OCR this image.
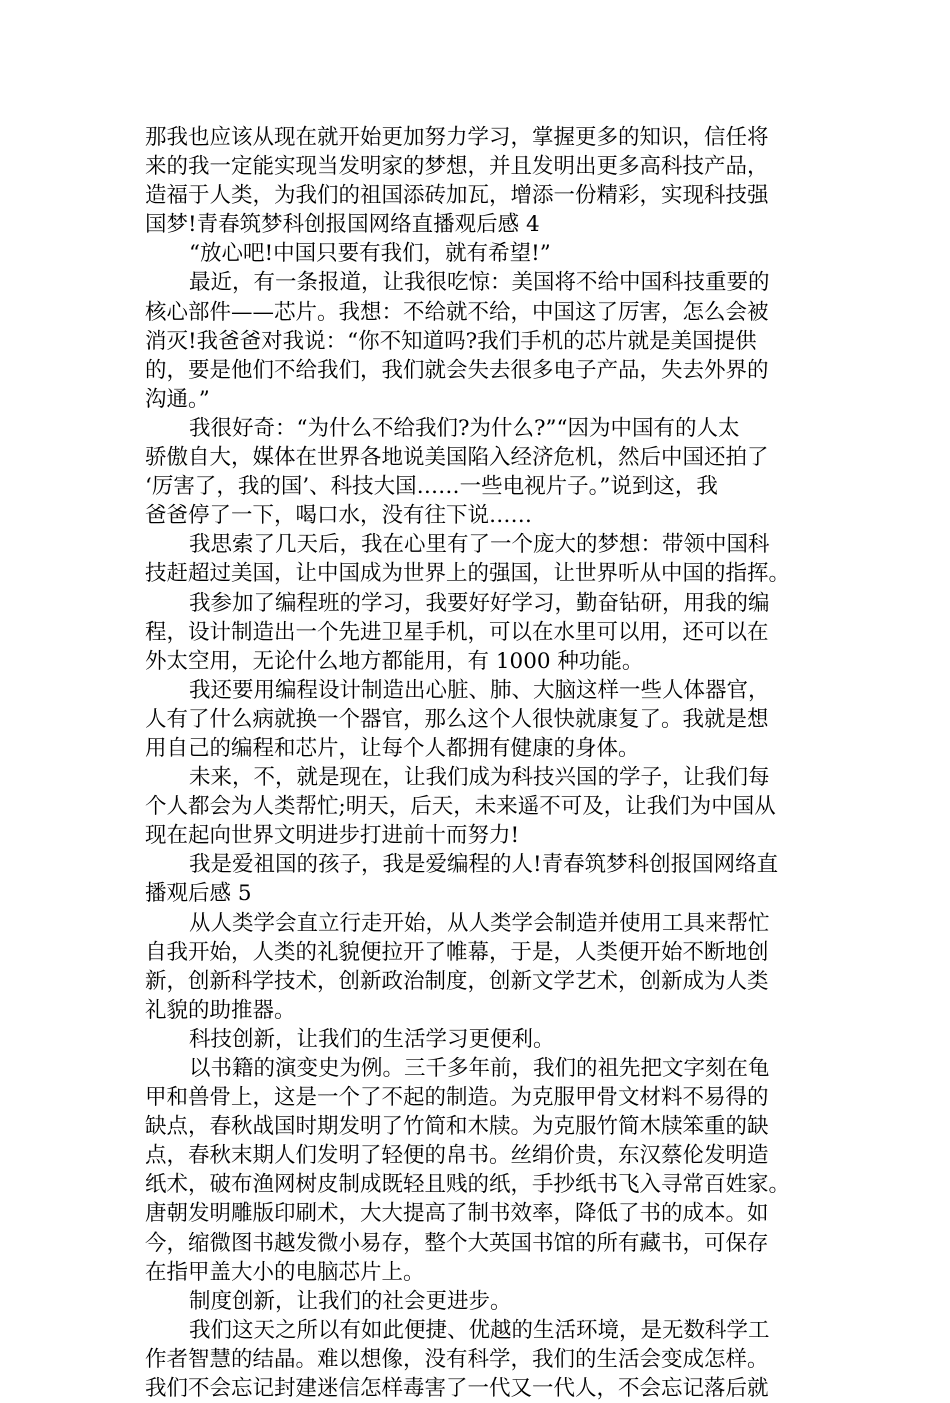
那我也应该从现在就开始更加努力学习，掌握更多的知识，信任将
来的我一定能实现当发明家的梦想，并且发明出更多高科技产品，
造福于人类，为我们的祖国添砖加瓦，增添一份精彩，实现科技强
国梦!青春筑梦科创报国网络直播观后感 4
“放心吧!中国只要有我们，就有希望!”
最近，有一条报道，让我很吃惊：美国将不给中国科技重要的
核心部件——芯片。我想：不给就不给，中国这了厉害，怎么会被
消灭!我爸爸对我说：“你不知道吗?我们手机的芯片就是美国提供
的，要是他们不给我们，我们就会失去很多电子产品，失去外界的
沟通。”
我很好奇：“为什么不给我们?为什么?”“因为中国有的人太
骄傲自大，媒体在世界各地说美国陷入经济危机，然后中国还拍了
‘厉害了，我的国’、科技大国……一些电视片子。”说到这，我
爸爸停了一下，喝口水，没有往下说……
我思索了几天后，我在心里有了一个庞大的梦想：带领中国科
技赶超过美国，让中国成为世界上的强国，让世界听从中国的指挥。
我参加了编程班的学习，我要好好学习，勤奋钻研，用我的编
程，设计制造出一个先进卫星手机，可以在水里可以用，还可以在
外太空用，无论什么地方都能用，有 1000 种功能。
我还要用编程设计制造出心脏、肺、大脑这样一些人体器官，
人有了什么病就换一个器官，那么这个人很快就康复了。我就是想
用自己的编程和芯片，让每个人都拥有健康的身体。
未来，不，就是现在，让我们成为科技兴国的学子，让我们每
个人都会为人类帮忙;明天，后天，未来遥不可及，让我们为中国从
现在起向世界文明进步打进前十而努力!
我是爱祖国的孩子，我是爱编程的人!青春筑梦科创报国网络直
播观后感 5
从人类学会直立行走开始，从人类学会制造并使用工具来帮忙
自我开始，人类的礼貌便拉开了帷幕，于是，人类便开始不断地创
新，创新科学技术，创新政治制度，创新文学艺术，创新成为人类
礼貌的助推器。
科技创新，让我们的生活学习更便利。
以书籍的演变史为例。三千多年前，我们的祖先把文字刻在龟
甲和兽骨上，这是一个了不起的制造。为克服甲骨文材料不易得的
缺点，春秋战国时期发明了竹简和木牍。为克服竹简木牍笨重的缺
点，春秋末期人们发明了轻便的帛书。丝绢价贵，东汉蔡伦发明造
纸术，破布渔网树皮制成既轻且贱的纸，手抄纸书飞入寻常百姓家。
唐朝发明雕版印刷术，大大提高了制书效率，降低了书的成本。如
今，缩微图书越发微小易存，整个大英国书馆的所有藏书，可保存
在指甲盖大小的电脑芯片上。
制度创新，让我们的社会更进步。
我们这天之所以有如此便捷、优越的生活环境，是无数科学工
作者智慧的结晶。难以想像，没有科学，我们的生活会变成怎样。
我们不会忘记封建迷信怎样毒害了一代又一代人，不会忘记落后就
